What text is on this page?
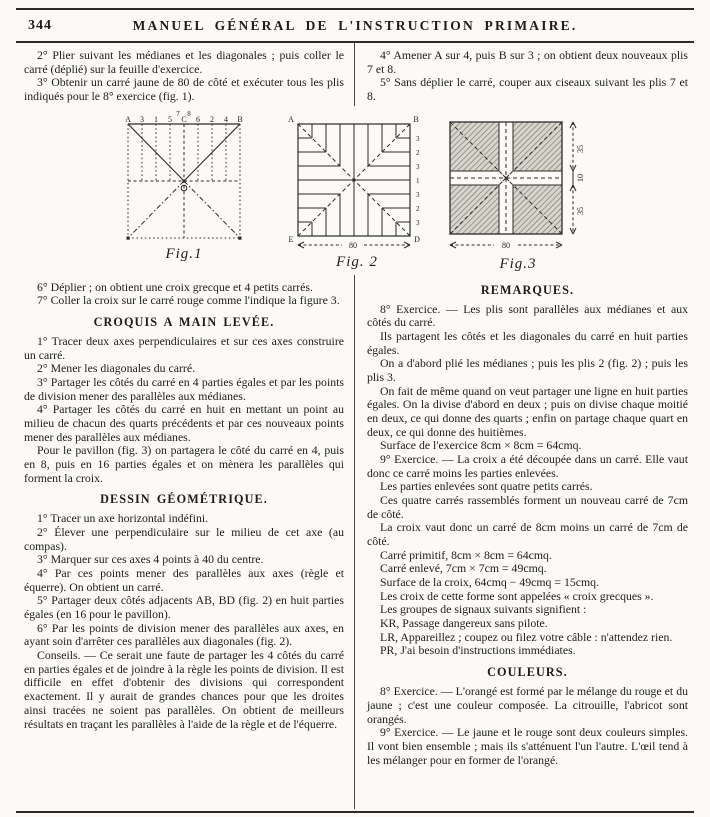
344	MANUEL GÉNÉRAL DE L'INSTRUCTION PRIMAIRE.

2° Plier suivant les médianes et les diagonales ; puis coller le carré (déplié) sur la feuille d'exercice.

3° Obtenir un carré jaune de 80 de côté et exécuter tous les plis indiqués pour le 8° exercice (fig. 1).

4° Amener A sur 4, puis B sur 3 ; on obtient deux nouveaux plis 7 et 8.

5° Sans déplier le carré, couper aux ciseaux suivant les plis 7 et 8.

7 8
A 3 1 5 C 6 2 4 B
Fig.1
A	B
E	D
3
2
3
1
3
2
3
80
Fig. 2
35
10
35
80
Fig.3

6° Déplier ; on obtient une croix grecque et 4 petits carrés.

7° Coller la croix sur le carré rouge comme l'indique la figure 3.

CROQUIS A MAIN LEVÉE.

1° Tracer deux axes perpendiculaires et sur ces axes construire un carré.

2° Mener les diagonales du carré.

3° Partager les côtés du carré en 4 parties égales et par les points de division mener des parallèles aux médianes.

4° Partager les côtés du carré en huit en mettant un point au milieu de chacun des quarts précédents et par ces nouveaux points mener des parallèles aux médianes.

Pour le pavillon (fig. 3) on partagera le côté du carré en 4, puis en 8, puis en 16 parties égales et on mènera les parallèles qui forment la croix.

DESSIN GÉOMÉTRIQUE.

1° Tracer un axe horizontal indéfini.

2° Élever une perpendiculaire sur le milieu de cet axe (au compas).

3° Marquer sur ces axes 4 points à 40 du centre.

4° Par ces points mener des parallèles aux axes (règle et équerre). On obtient un carré.

5° Partager deux côtés adjacents AB, BD (fig. 2) en huit parties égales (en 16 pour le pavillon).

6° Par les points de division mener des parallèles aux axes, en ayant soin d'arrêter ces parallèles aux diagonales (fig. 2).

Conseils. — Ce serait une faute de partager les 4 côtés du carré en parties égales et de joindre à la règle les points de division. Il est difficile en effet d'obtenir des divisions qui correspondent exactement. Il y aurait de grandes chances pour que les droites ainsi tracées ne soient pas parallèles. On obtient de meilleurs résultats en traçant les parallèles à l'aide de la règle et de l'équerre.

REMARQUES.

8° Exercice. — Les plis sont parallèles aux médianes et aux côtés du carré.

Ils partagent les côtés et les diagonales du carré en huit parties égales.

On a d'abord plié les médianes ; puis les plis 2 (fig. 2) ; puis les plis 3.

On fait de même quand on veut partager une ligne en huit parties égales. On la divise d'abord en deux ; puis on divise chaque moitié en deux, ce qui donne des quarts ; enfin on partage chaque quart en deux, ce qui donne des huitièmes.

Surface de l'exercice 8cm × 8cm = 64cmq.

9° Exercice. — La croix a été découpée dans un carré. Elle vaut donc ce carré moins les parties enlevées.

Les parties enlevées sont quatre petits carrés.

Ces quatre carrés rassemblés forment un nouveau carré de 7cm de côté.

La croix vaut donc un carré de 8cm moins un carré de 7cm de côté.

Carré primitif, 8cm × 8cm = 64cmq.

Carré enlevé, 7cm × 7cm = 49cmq.

Surface de la croix, 64cmq − 49cmq = 15cmq.

Les croix de cette forme sont appelées « croix grecques ».

Les groupes de signaux suivants signifient :

KR, Passage dangereux sans pilote.

LR, Appareillez ; coupez ou filez votre câble : n'attendez rien.

PR, J'ai besoin d'instructions immédiates.

COULEURS.

8° Exercice. — L'orangé est formé par le mélange du rouge et du jaune ; c'est une couleur composée. La citrouille, l'abricot sont orangés.

9° Exercice. — Le jaune et le rouge sont deux couleurs simples. Il vont bien ensemble ; mais ils s'atténuent l'un l'autre. L'œil tend à les mélanger pour en former de l'orangé.
